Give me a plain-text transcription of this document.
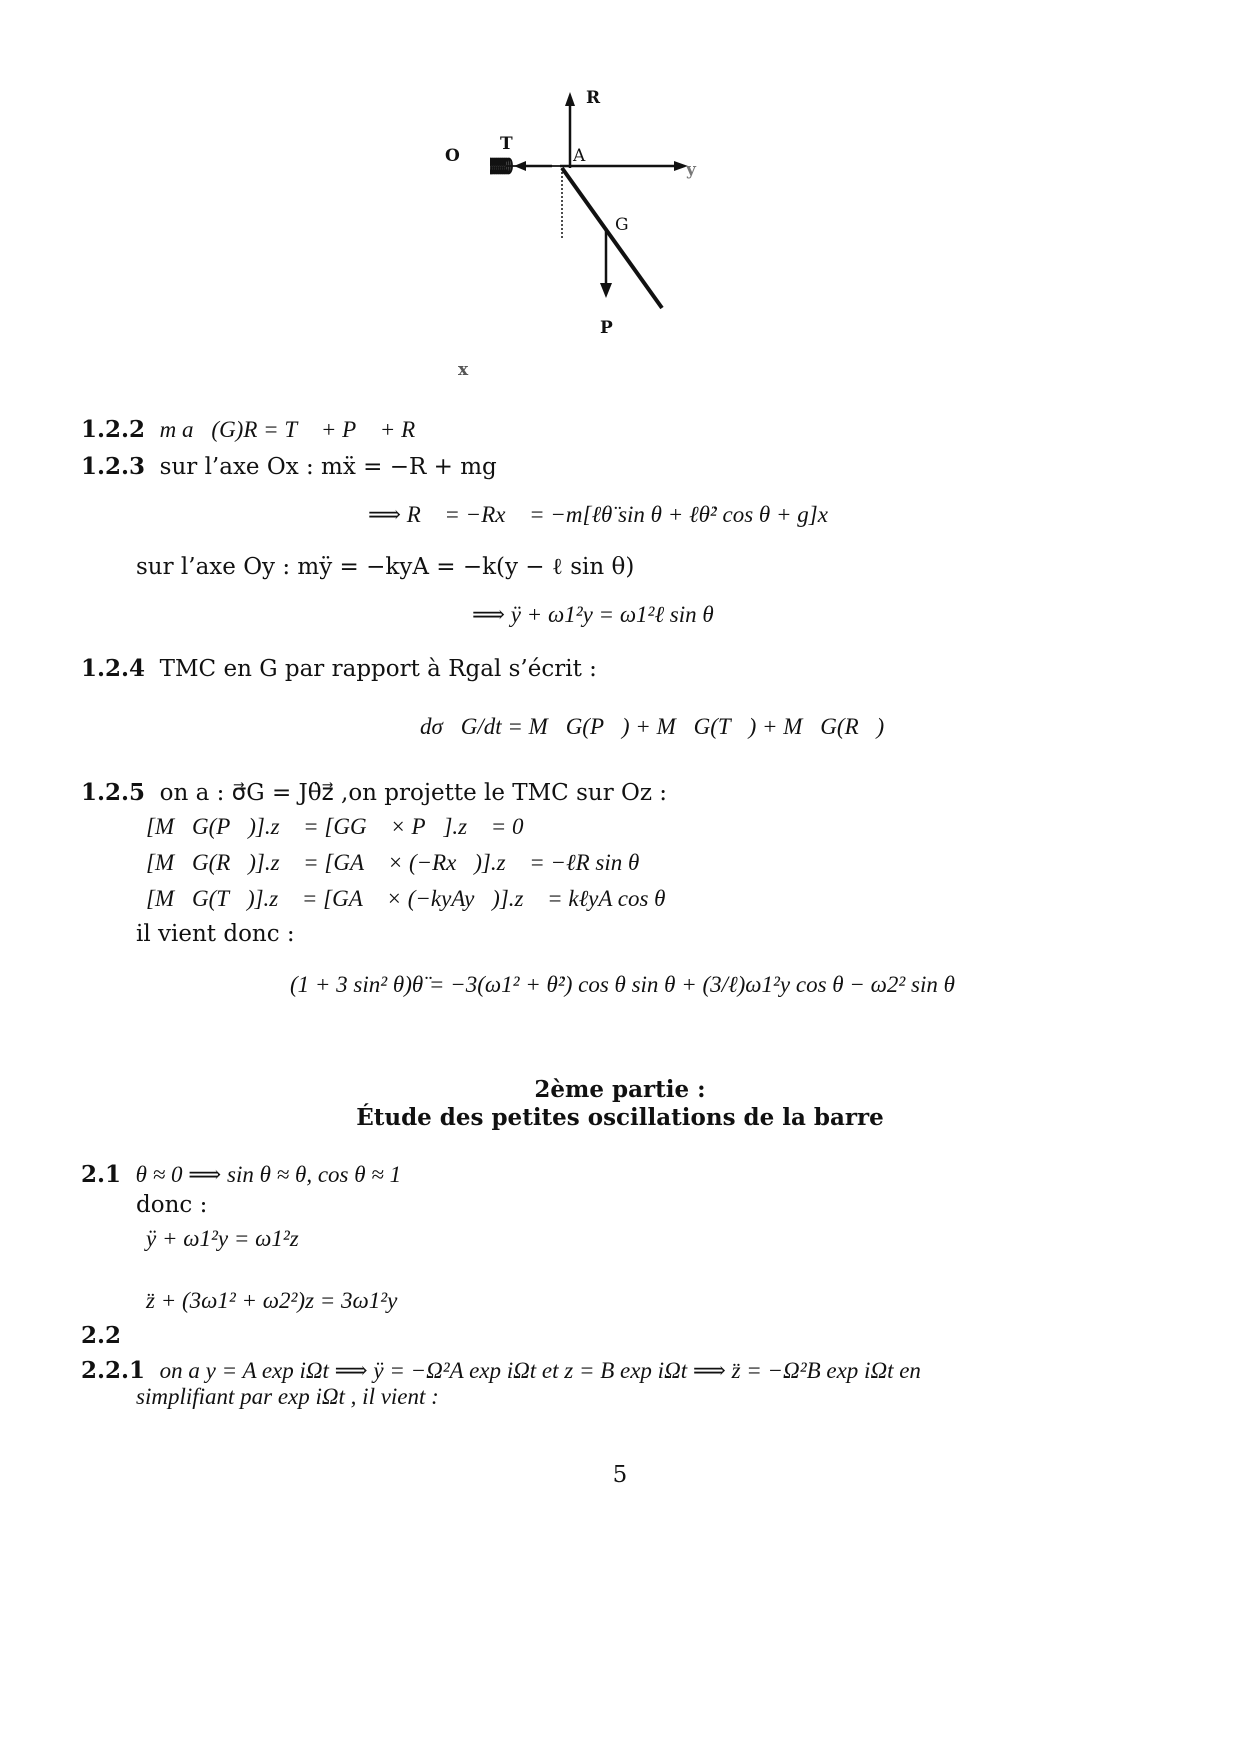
R
T
O	A
y
G
P
x
1.2.2 m a⃗(G)R = T⃗ + P⃗ + R⃗
1.2.3 sur l’axe Ox : mẍ = −R + mg
⟹ R⃗ = −Rx⃗ = −m[ℓθ̈ sin θ + ℓθ̇² cos θ + g]x⃗
sur l’axe Oy : mÿ = −kyA = −k(y − ℓ sin θ)
⟹ ÿ + ω1²y = ω1²ℓ sin θ
1.2.4 TMC en G par rapport à Rgal s’écrit :
dσ⃗G/dt = M⃗G(P⃗) + M⃗G(T⃗) + M⃗G(R⃗)
1.2.5 on a : σ⃗G = Jθ̇z⃗ ,on projette le TMC sur Oz :
[M⃗G(P⃗)].z⃗ = [GG⃗ × P⃗].z⃗ = 0
[M⃗G(R⃗)].z⃗ = [GA⃗ × (−Rx⃗)].z⃗ = −ℓR sin θ
[M⃗G(T⃗)].z⃗ = [GA⃗ × (−kyAy⃗)].z⃗ = kℓyA cos θ
il vient donc :
(1 + 3 sin² θ)θ̈ = −3(ω1² + θ̇²) cos θ sin θ + (3/ℓ)ω1²y cos θ − ω2² sin θ
2ème partie :
Étude des petites oscillations de la barre
2.1 θ ≈ 0 ⟹ sin θ ≈ θ, cos θ ≈ 1
donc :
ÿ + ω1²y = ω1²z
z̈ + (3ω1² + ω2²)z = 3ω1²y
2.2
2.2.1 on a y = A exp iΩt ⟹ ÿ = −Ω²A exp iΩt et z = B exp iΩt ⟹ z̈ = −Ω²B exp iΩt en
simplifiant par exp iΩt , il vient :
5
